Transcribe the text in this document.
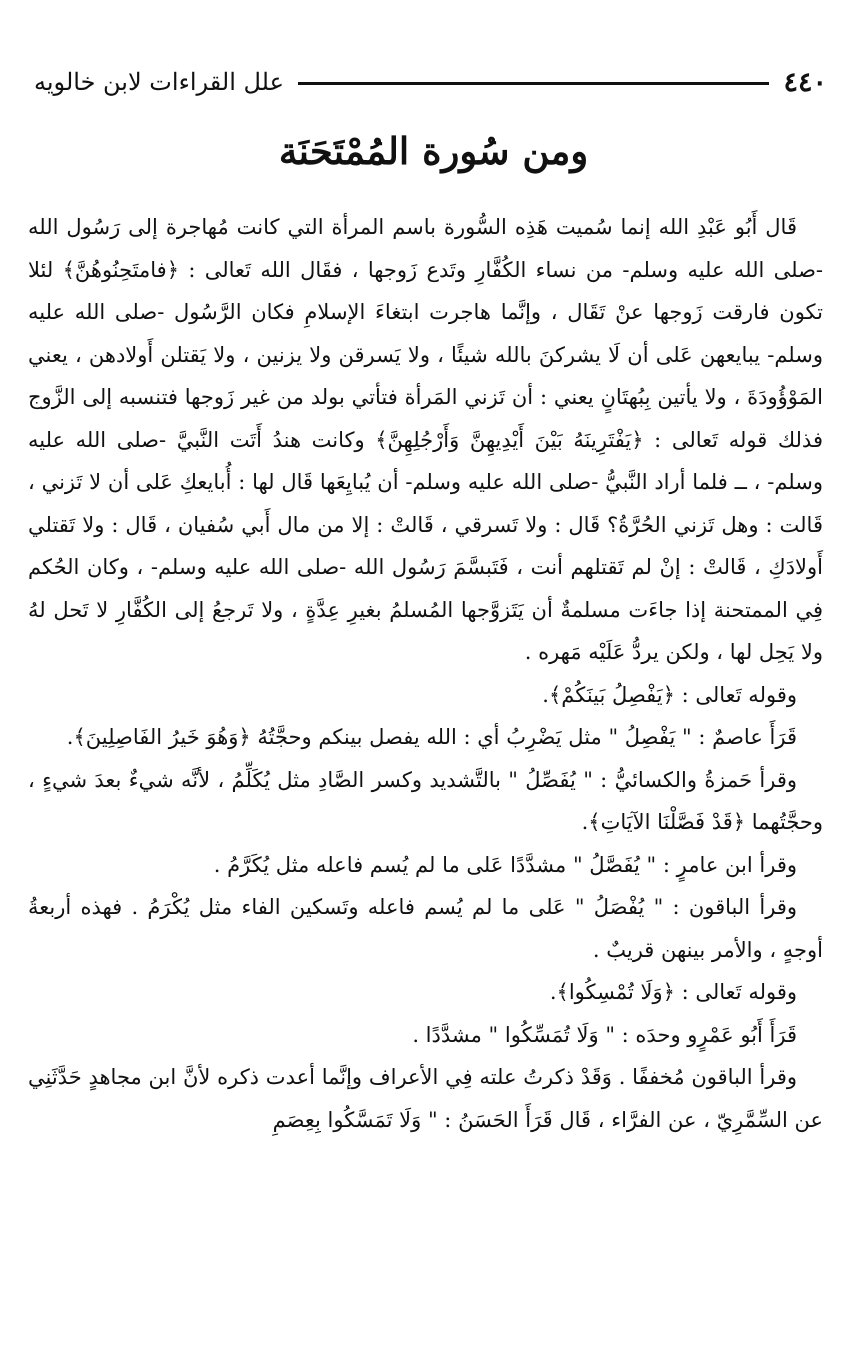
٤٤٠
علل القراءات لابن خالويه
ومن سُورة المُمْتَحَنَة

قَال أَبُو عَبْدِ الله إنما سُميت هَذِه السُّورة باسم المرأة التي كانت مُهاجرة إلى رَسُول الله -صلى الله عليه وسلم- من نساء الكُفَّارِ وتَدع زَوجها ، فقَال الله تَعالى : ﴿فامتَحِنُوهُنَّ﴾ لئلا تكون فارقت زَوجها عنْ تَقَال ، وإنَّما هاجرت ابتغاءَ الإسلامِ فكان الرَّسُول -صلى الله عليه وسلم- يبايعهن عَلى أن لَا يشركنَ بالله شيئًا ، ولا يَسرقن ولا يزنين ، ولا يَقتلن أَولادهن ، يعني المَوْؤُودَةَ ، ولا يأتين بِبُهتَانٍ يعني : أن تَزني المَرأة فتأتي بولد من غير زَوجها فتنسبه إلى الزَّوج فذلك قوله تَعالى : ﴿يَفْتَرِينَهُ بَيْنَ أَيْدِيهِنَّ وَأَرْجُلِهِنَّ﴾ وكانت هندُ أَتَت النَّبيَّ -صلى الله عليه وسلم- ، ــ فلما أراد النَّبيُّ -صلى الله عليه وسلم- أن يُبايِعَها قَال لها : أُبايعكِ عَلى أن لا تَزني ، قَالت : وهل تَزني الحُرَّةُ؟ قَال : ولا تَسرقي ، قَالتْ : إلا من مال أَبي سُفيان ، قَال : ولا تَقتلي أَولادَكِ ، قَالتْ : إنْ لم تَقتلهم أنت ، فَتَبسَّمَ رَسُول الله -صلى الله عليه وسلم- ، وكان الحُكم فِي الممتحنة إذا جاءَت مسلمةٌ أن يَتَزوَّجها المُسلمُ بغيرِ عِدَّةٍ ، ولا تَرجعُ إلى الكُفَّارِ لا تَحل لهُ ولا يَحِل لها ، ولكن يردُّ عَلَيْه مَهره .

وقوله تَعالى : ﴿يَفْصِلُ بَينَكُمْ﴾.

قَرَأَ عاصمٌ : " يَفْصِلُ " مثل يَضْرِبُ أي : الله يفصل بينكم وحجَّتُهُ ﴿وَهُوَ خَيرُ الفَاصِلِينَ﴾.

وقرأ حَمزةُ والكسائيُّ : " يُفَصِّلُ " بالتَّشديد وكسر الصَّادِ مثل يُكَلِّمُ ، لأنَّه شيءٌ بعدَ شيءٍ ، وحجَّتُهما ﴿قَدْ فَصَّلْنَا الآيَاتِ﴾.

وقرأ ابن عامرٍ : " يُفَصَّلُ " مشدَّدًا عَلى ما لم يُسم فاعله مثل يُكَرَّمُ .

وقرأ الباقون : " يُفْصَلُ " عَلى ما لم يُسم فاعله وتَسكين الفاء مثل يُكْرَمُ . فهذه أربعةُ أوجهٍ ، والأمر بينهن قريبٌ .

وقوله تَعالى : ﴿وَلَا تُمْسِكُوا﴾.

قَرَأَ أَبُو عَمْرٍو وحدَه : " وَلَا تُمَسِّكُوا " مشدَّدًا .

وقرأ الباقون مُخففًا . وَقَدْ ذكرتُ علته فِي الأعراف وإنَّما أعدت ذكره لأنَّ ابن مجاهدٍ حَدَّثَنِي عن السِّمَّرِيّ ، عن الفرَّاء ، قَال قَرَأَ الحَسَنُ : " وَلَا تَمَسَّكُوا بِعِصَمِ
